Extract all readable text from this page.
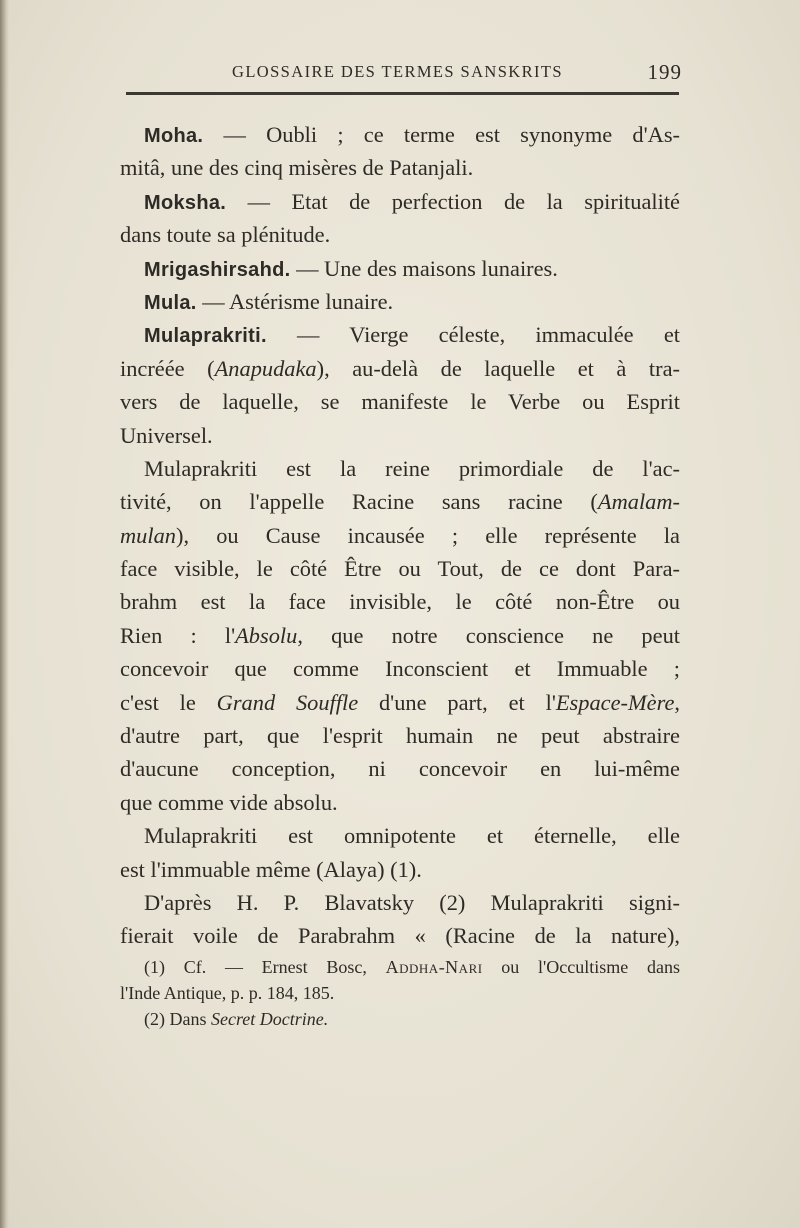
GLOSSAIRE DES TERMES SANSKRITS	199
Moha. — Oubli ; ce terme est synonyme d'As-
mitâ, une des cinq misères de Patanjali.
Moksha. — Etat de perfection de la spiritualité
dans toute sa plénitude.
Mrigashirsahd. — Une des maisons lunaires.
Mula. — Astérisme lunaire.
Mulaprakriti. — Vierge céleste, immaculée et
incréée (Anapudaka), au-delà de laquelle et à tra-
vers de laquelle, se manifeste le Verbe ou Esprit
Universel.
Mulaprakriti est la reine primordiale de l'ac-
tivité, on l'appelle Racine sans racine (Amalam-
mulan), ou Cause incausée ; elle représente la
face visible, le côté Être ou Tout, de ce dont Para-
brahm est la face invisible, le côté non-Être ou
Rien : l'Absolu, que notre conscience ne peut
concevoir que comme Inconscient et Immuable ;
c'est le Grand Souffle d'une part, et l'Espace-Mère,
d'autre part, que l'esprit humain ne peut abstraire
d'aucune conception, ni concevoir en lui-même
que comme vide absolu.
Mulaprakriti est omnipotente et éternelle, elle
est l'immuable même (Alaya) (1).
D'après H. P. Blavatsky (2) Mulaprakriti signi-
fierait voile de Parabrahm « (Racine de la nature),
(1) Cf. — Ernest Bosc, Addha-Nari ou l'Occultisme dans
l'Inde Antique, p. p. 184, 185.
(2) Dans Secret Doctrine.
